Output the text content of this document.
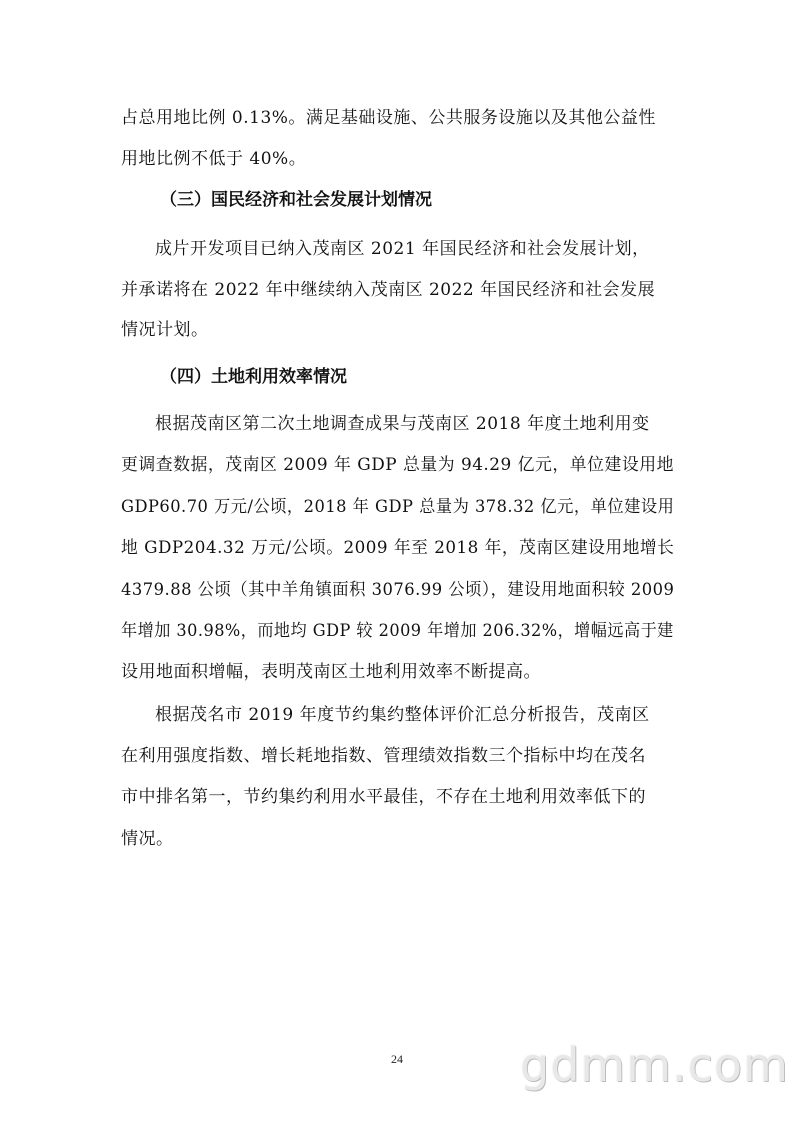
占总用地比例 0.13%。满足基础设施、公共服务设施以及其他公益性
用地比例不低于 40%。
（三）国民经济和社会发展计划情况
成片开发项目已纳入茂南区 2021 年国民经济和社会发展计划，
并承诺将在 2022 年中继续纳入茂南区 2022 年国民经济和社会发展
情况计划。
（四）土地利用效率情况
根据茂南区第二次土地调查成果与茂南区 2018 年度土地利用变
更调查数据，茂南区 2009 年 GDP 总量为 94.29 亿元，单位建设用地
GDP60.70 万元/公顷，2018 年 GDP 总量为 378.32 亿元，单位建设用
地 GDP204.32 万元/公顷。2009 年至 2018 年，茂南区建设用地增长
4379.88 公顷（其中羊角镇面积 3076.99 公顷），建设用地面积较 2009
年增加 30.98%，而地均 GDP 较 2009 年增加 206.32%，增幅远高于建
设用地面积增幅，表明茂南区土地利用效率不断提高。
根据茂名市 2019 年度节约集约整体评价汇总分析报告，茂南区
在利用强度指数、增长耗地指数、管理绩效指数三个指标中均在茂名
市中排名第一，节约集约利用水平最佳，不存在土地利用效率低下的
情况。
24	gdmm.com
